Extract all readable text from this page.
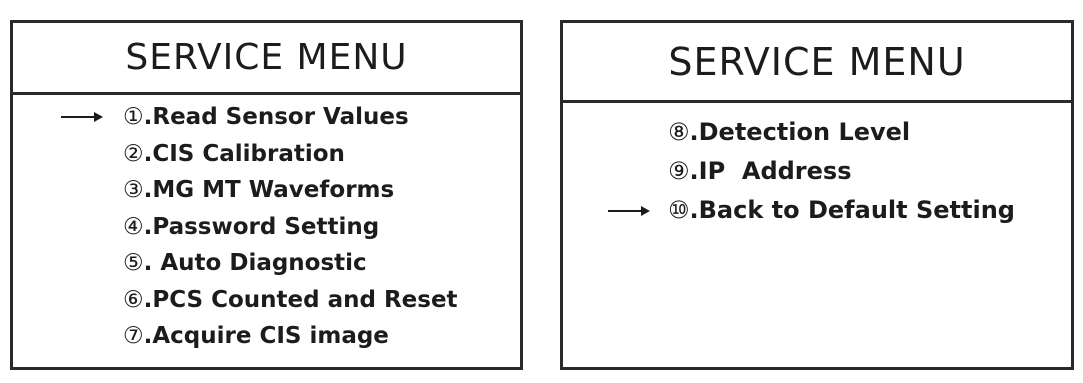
SERVICE MENU
①.Read Sensor Values
②.CIS Calibration
③.MG MT Waveforms
④.Password Setting
⑤. Auto Diagnostic
⑥.PCS Counted and Reset
⑦.Acquire CIS image
SERVICE MENU
⑧.Detection Level
⑨.IP  Address
⑩.Back to Default Setting
